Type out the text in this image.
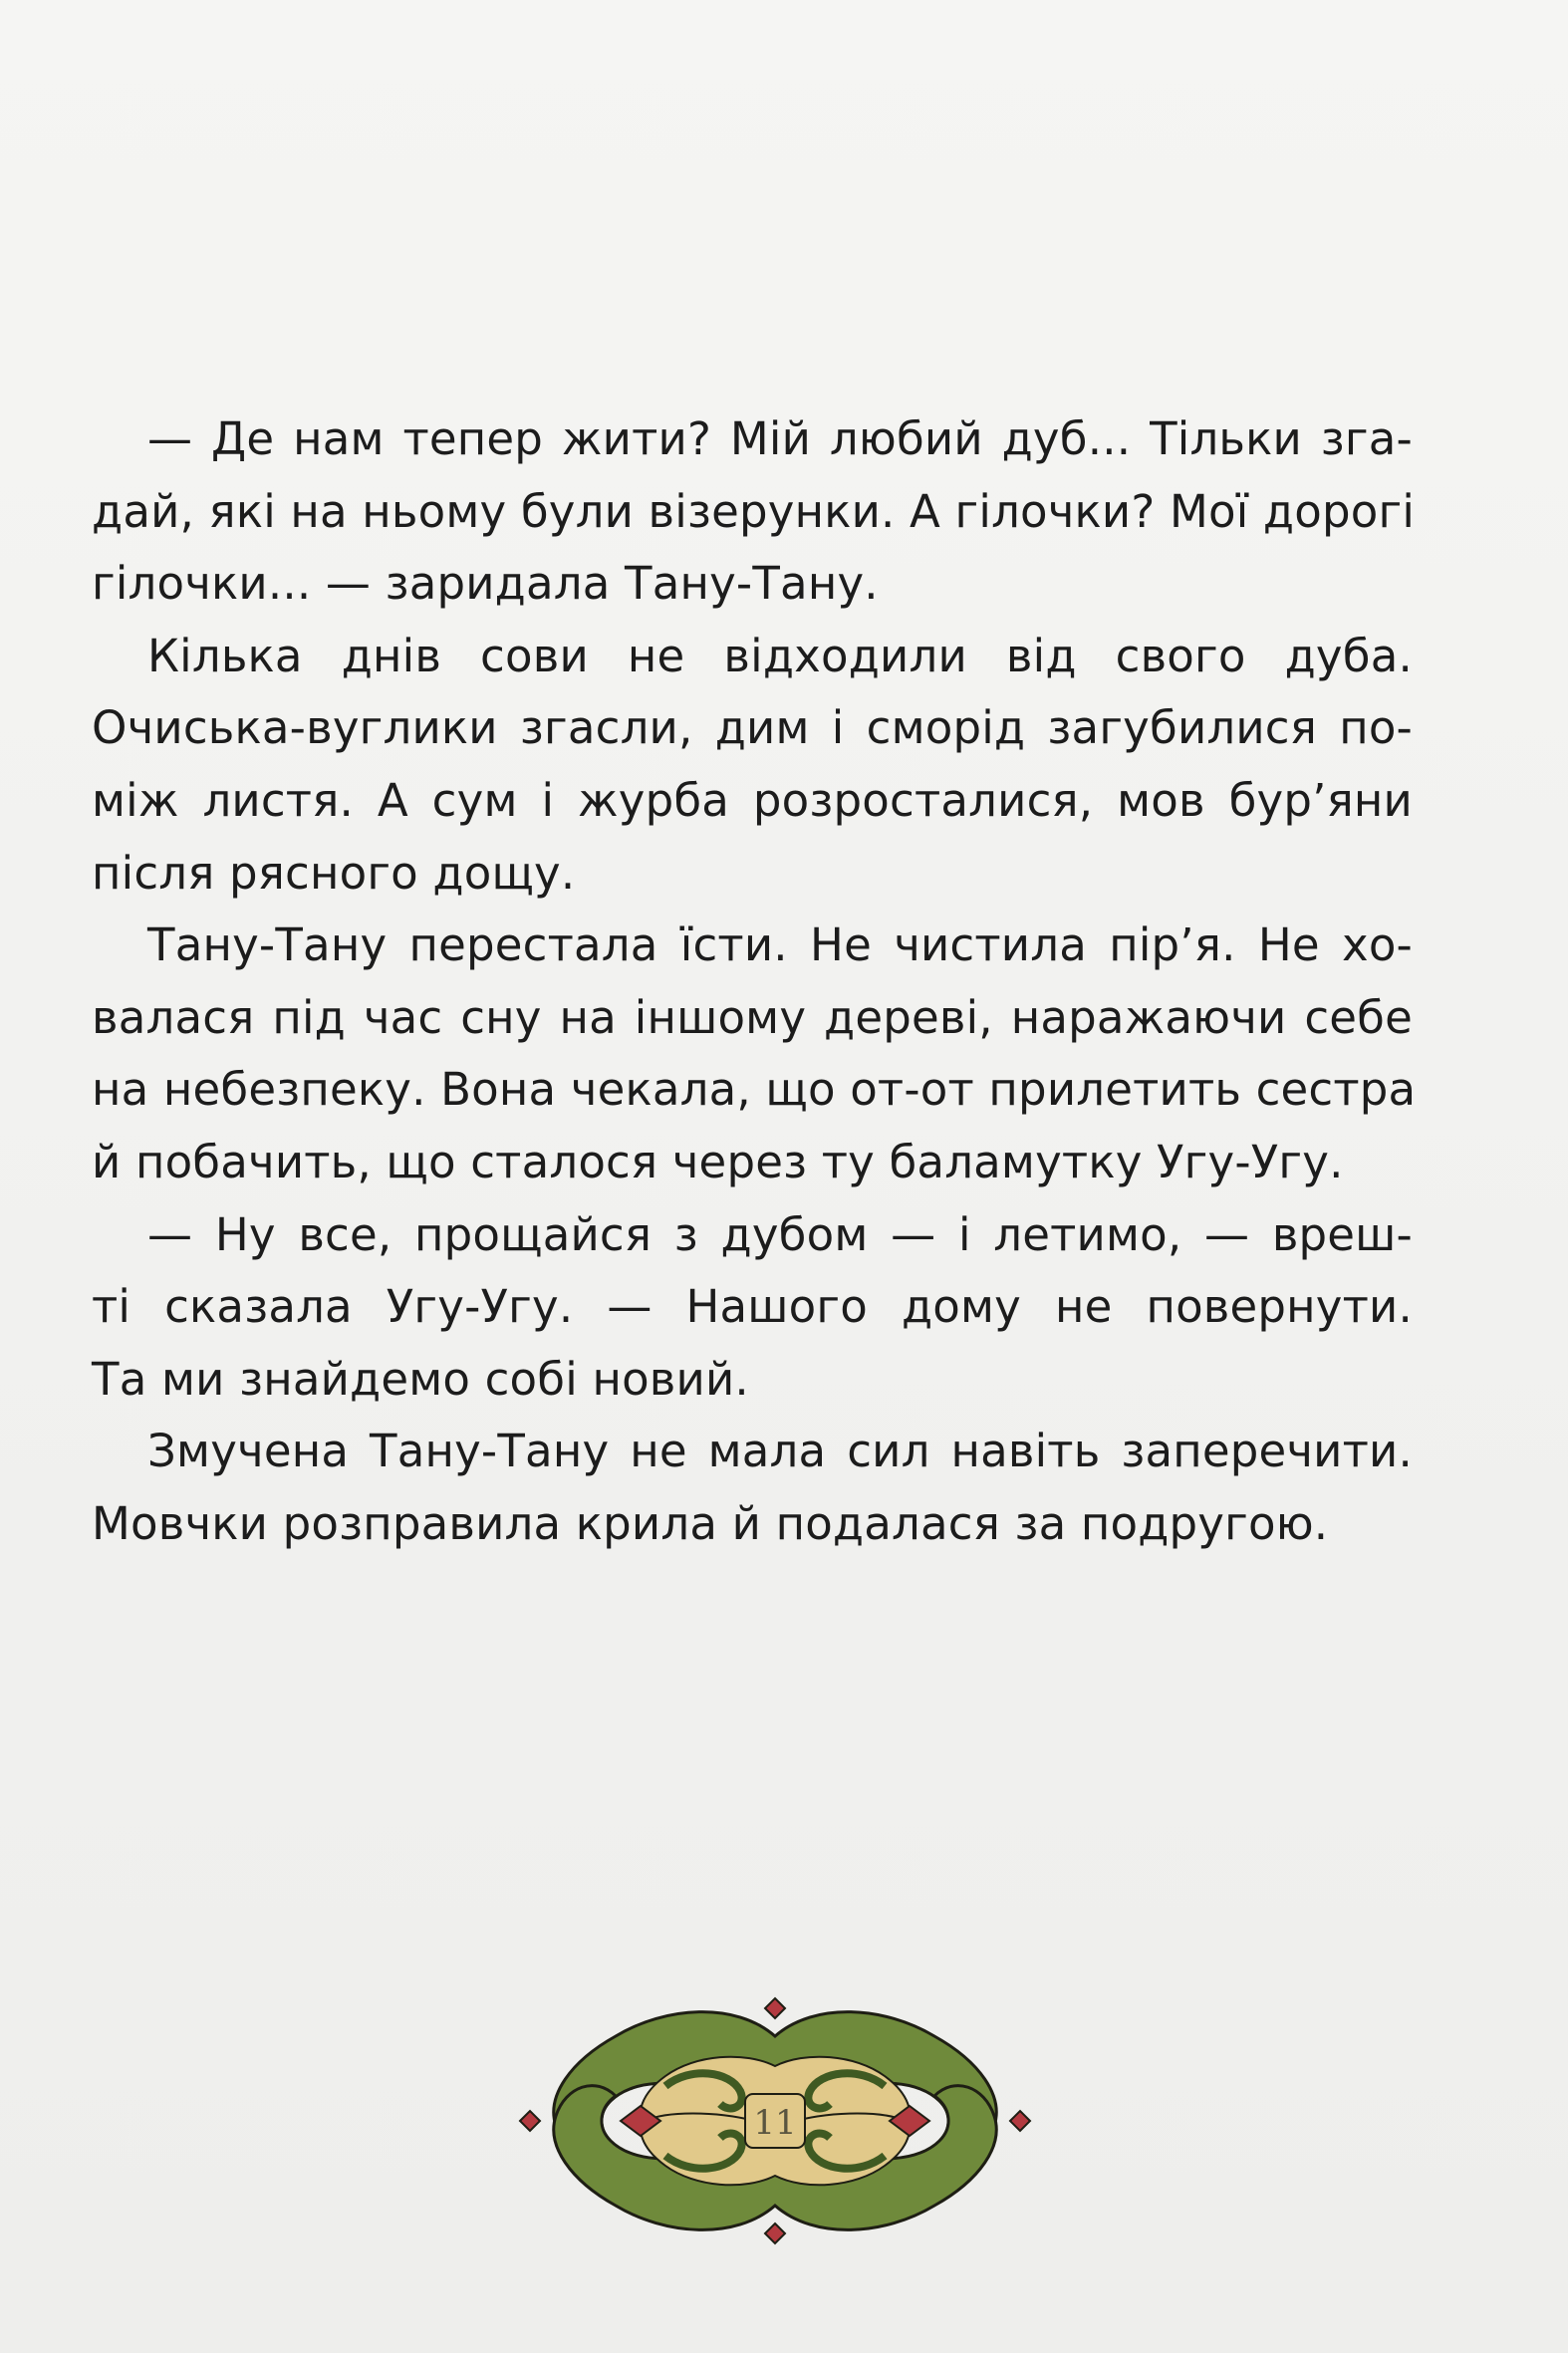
— Де нам тепер жити? Мій любий дуб... Тільки зга-
дай, які на ньому були візерунки. А гілочки? Мої дорогі
гілочки... — заридала Тану-Тану.
Кілька днів сови не відходили від свого дуба.
Очиська-вуглики згасли, дим і сморід загубилися по-
між листя. А сум і журба розросталися, мов бур’яни
після рясного дощу.
Тану-Тану перестала їсти. Не чистила пір’я. Не хо-
валася під час сну на іншому дереві, наражаючи себе
на небезпеку. Вона чекала, що от-от прилетить сестра
й побачить, що сталося через ту баламутку Угу-Угу.
— Ну все, прощайся з дубом — і летимо, — вреш-
ті сказала Угу-Угу. — Нашого дому не повернути.
Та ми знайдемо собі новий.
Змучена Тану-Тану не мала сил навіть заперечити.
Мовчки розправила крила й подалася за подругою.
11
